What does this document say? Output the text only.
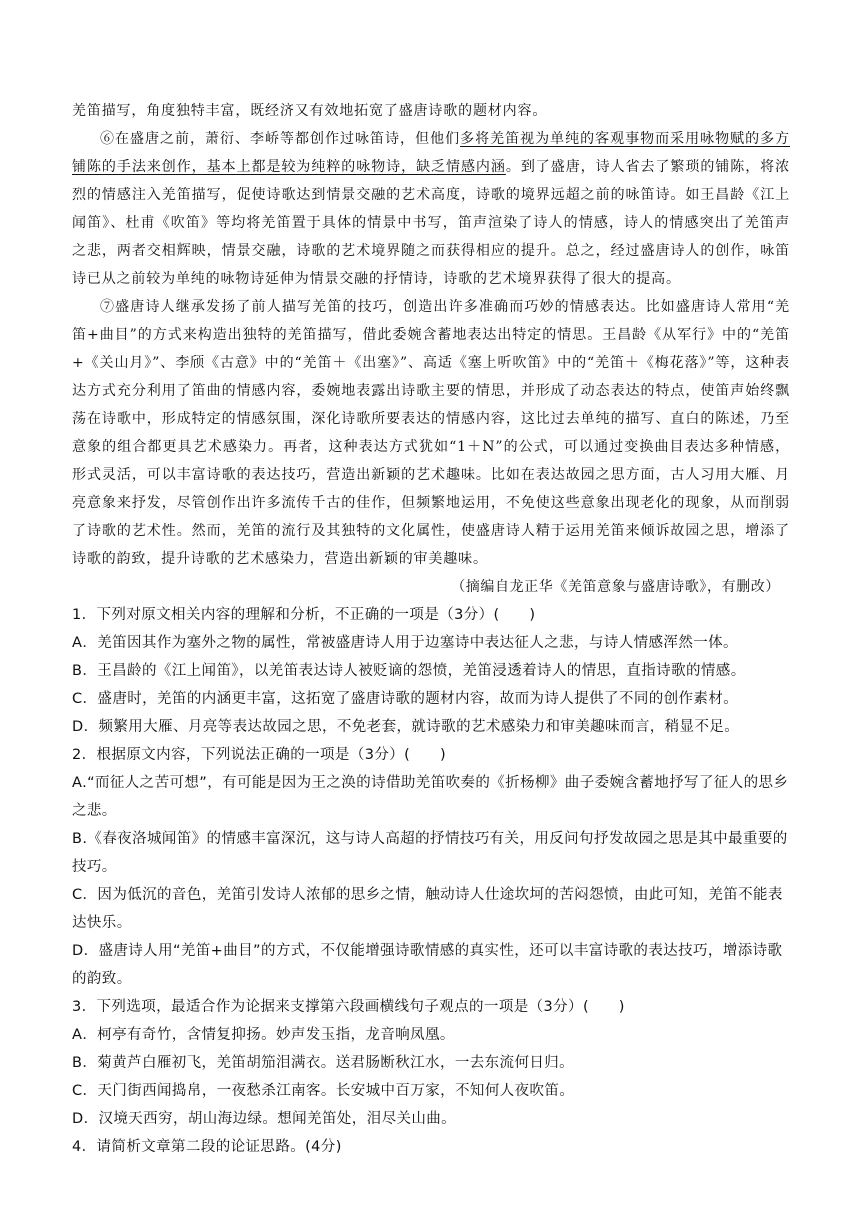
羌笛描写，角度独特丰富，既经济又有效地拓宽了盛唐诗歌的题材内容。

⑥在盛唐之前，萧衍、李峤等都创作过咏笛诗，但他们多将羌笛视为单纯的客观事物而采用咏物赋的多方铺陈的手法来创作，基本上都是较为纯粹的咏物诗，缺乏情感内涵。到了盛唐，诗人省去了繁琐的铺陈，将浓烈的情感注入羌笛描写，促使诗歌达到情景交融的艺术高度，诗歌的境界远超之前的咏笛诗。如王昌龄《江上闻笛》、杜甫《吹笛》等均将羌笛置于具体的情景中书写，笛声渲染了诗人的情感，诗人的情感突出了羌笛声之悲，两者交相辉映，情景交融，诗歌的艺术境界随之而获得相应的提升。总之，经过盛唐诗人的创作，咏笛诗已从之前较为单纯的咏物诗延伸为情景交融的抒情诗，诗歌的艺术境界获得了很大的提高。

⑦盛唐诗人继承发扬了前人描写羌笛的技巧，创造出许多准确而巧妙的情感表达。比如盛唐诗人常用“羌笛+曲目”的方式来构造出独特的羌笛描写，借此委婉含蓄地表达出特定的情思。王昌龄《从军行》中的“羌笛+《关山月》”、李颀《古意》中的“羌笛＋《出塞》”、高适《塞上听吹笛》中的“羌笛＋《梅花落》”等，这种表达方式充分利用了笛曲的情感内容，委婉地表露出诗歌主要的情思，并形成了动态表达的特点，使笛声始终飘荡在诗歌中，形成特定的情感氛围，深化诗歌所要表达的情感内容，这比过去单纯的描写、直白的陈述，乃至意象的组合都更具艺术感染力。再者，这种表达方式犹如“1＋N”的公式，可以通过变换曲目表达多种情感，形式灵活，可以丰富诗歌的表达技巧，营造出新颖的艺术趣味。比如在表达故园之思方面，古人习用大雁、月亮意象来抒发，尽管创作出许多流传千古的佳作，但频繁地运用，不免使这些意象出现老化的现象，从而削弱了诗歌的艺术性。然而，羌笛的流行及其独特的文化属性，使盛唐诗人精于运用羌笛来倾诉故园之思，增添了诗歌的韵致，提升诗歌的艺术感染力，营造出新颖的审美趣味。

（摘编自龙正华《羌笛意象与盛唐诗歌》，有删改）

1．下列对原文相关内容的理解和分析，不正确的一项是（3分）(　　)

A．羌笛因其作为塞外之物的属性，常被盛唐诗人用于边塞诗中表达征人之悲，与诗人情感浑然一体。

B．王昌龄的《江上闻笛》，以羌笛表达诗人被贬谪的怨愤，羌笛浸透着诗人的情思，直指诗歌的情感。

C．盛唐时，羌笛的内涵更丰富，这拓宽了盛唐诗歌的题材内容，故而为诗人提供了不同的创作素材。

D．频繁用大雁、月亮等表达故园之思，不免老套，就诗歌的艺术感染力和审美趣味而言，稍显不足。

2．根据原文内容，下列说法正确的一项是（3分）(　　)

A.“而征人之苦可想”，有可能是因为王之涣的诗借助羌笛吹奏的《折杨柳》曲子委婉含蓄地抒写了征人的思乡之悲。

B.《春夜洛城闻笛》的情感丰富深沉，这与诗人高超的抒情技巧有关，用反问句抒发故园之思是其中最重要的技巧。

C．因为低沉的音色，羌笛引发诗人浓郁的思乡之情，触动诗人仕途坎坷的苦闷怨愤，由此可知，羌笛不能表达快乐。

D．盛唐诗人用“羌笛+曲目”的方式，不仅能增强诗歌情感的真实性，还可以丰富诗歌的表达技巧，增添诗歌的韵致。

3．下列选项，最适合作为论据来支撑第六段画横线句子观点的一项是（3分）(　　)

A．柯亭有奇竹，含情复抑扬。妙声发玉指，龙音响凤凰。

B．菊黄芦白雁初飞，羌笛胡笳泪满衣。送君肠断秋江水，一去东流何日归。

C．天门街西闻捣帛，一夜愁杀江南客。长安城中百万家，不知何人夜吹笛。

D．汉境天西穷，胡山海边绿。想闻羌笛处，泪尽关山曲。

4．请简析文章第二段的论证思路。(4分)
